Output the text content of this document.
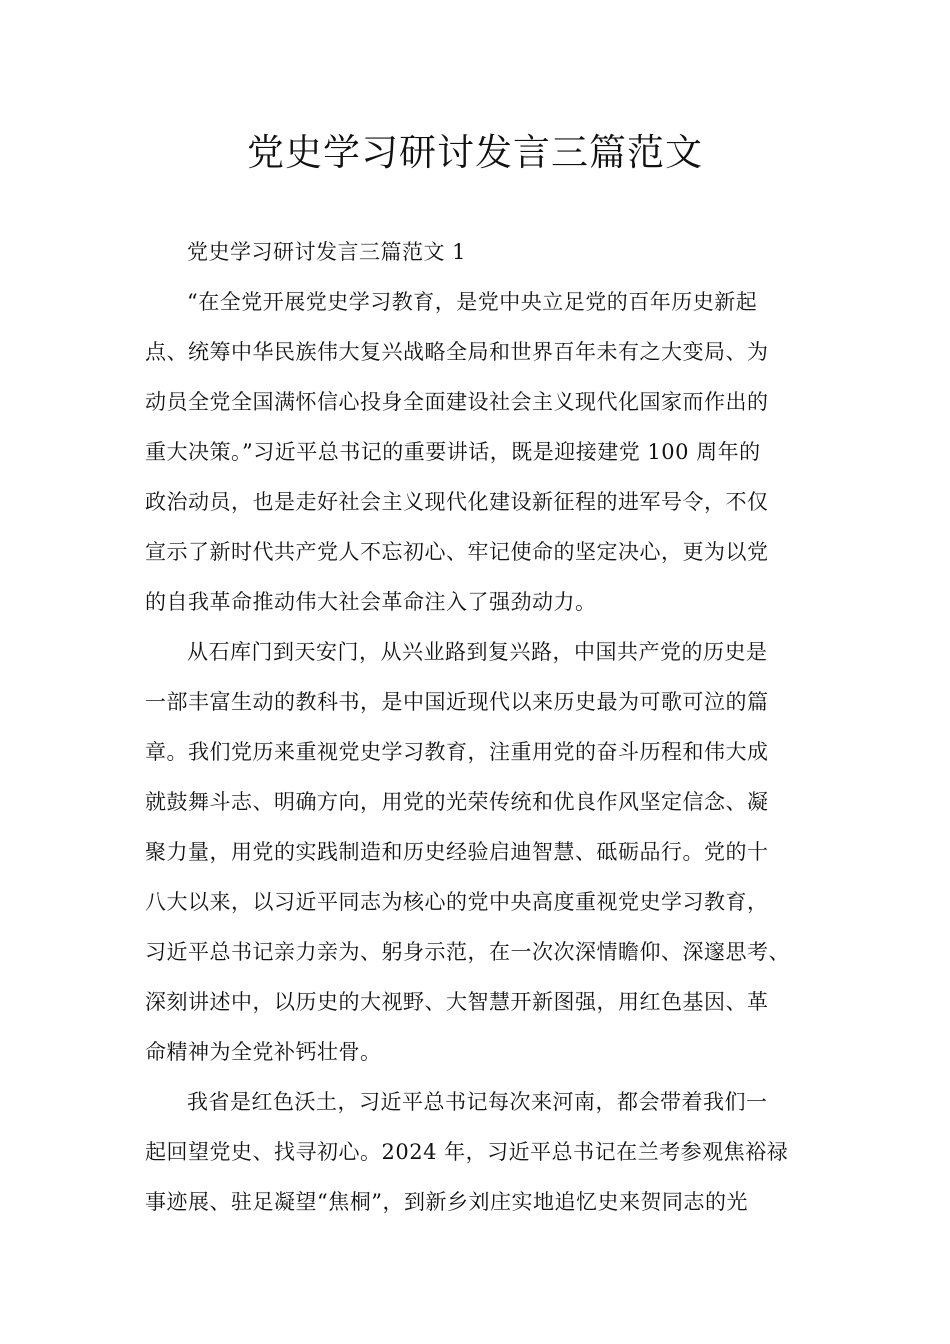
党史学习研讨发言三篇范文

党史学习研讨发言三篇范文 1

“在全党开展党史学习教育，是党中央立足党的百年历史新起
点、统筹中华民族伟大复兴战略全局和世界百年未有之大变局、为
动员全党全国满怀信心投身全面建设社会主义现代化国家而作出的
重大决策。”习近平总书记的重要讲话，既是迎接建党 100 周年的
政治动员，也是走好社会主义现代化建设新征程的进军号令，不仅
宣示了新时代共产党人不忘初心、牢记使命的坚定决心，更为以党
的自我革命推动伟大社会革命注入了强劲动力。

从石库门到天安门，从兴业路到复兴路，中国共产党的历史是
一部丰富生动的教科书，是中国近现代以来历史最为可歌可泣的篇
章。我们党历来重视党史学习教育，注重用党的奋斗历程和伟大成
就鼓舞斗志、明确方向，用党的光荣传统和优良作风坚定信念、凝
聚力量，用党的实践制造和历史经验启迪智慧、砥砺品行。党的十
八大以来，以习近平同志为核心的党中央高度重视党史学习教育，
习近平总书记亲力亲为、躬身示范，在一次次深情瞻仰、深邃思考、
深刻讲述中，以历史的大视野、大智慧开新图强，用红色基因、革
命精神为全党补钙壮骨。

我省是红色沃土，习近平总书记每次来河南，都会带着我们一
起回望党史、找寻初心。2024 年，习近平总书记在兰考参观焦裕禄
事迹展、驻足凝望“焦桐”，到新乡刘庄实地追忆史来贺同志的光
